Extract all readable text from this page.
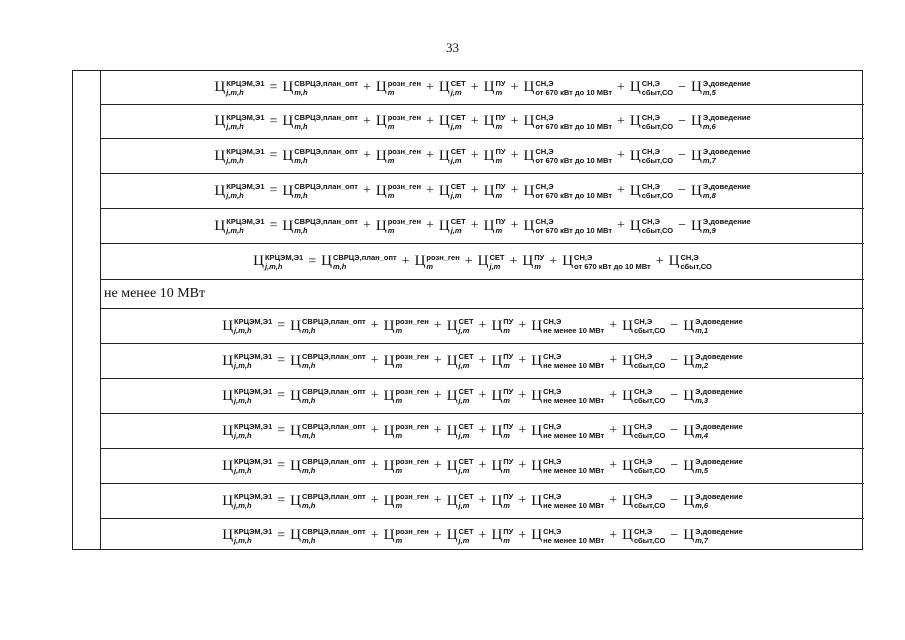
33
Ц КРЦЭМ,Э1
j,m,h	= Ц СВРЦЭ,план_опт
m,h	+ Ц розн_ген
m	+ Ц СЕТ
j,m + Ц ПУ
m + Ц СН,Э
от 670 кВт до 10 МВт + Ц СН,Э
сбыт,СО − Ц Э,доведение
m,5
Ц КРЦЭМ,Э1
j,m,h	= Ц СВРЦЭ,план_опт
m,h	+ Ц розн_ген
m	+ Ц СЕТ
j,m + Ц ПУ
m + Ц СН,Э
от 670 кВт до 10 МВт + Ц СН,Э
сбыт,СО − Ц Э,доведение
m,6
Ц КРЦЭМ,Э1
j,m,h	= Ц СВРЦЭ,план_опт
m,h	+ Ц розн_ген
m	+ Ц СЕТ
j,m + Ц ПУ
m + Ц СН,Э
от 670 кВт до 10 МВт + Ц СН,Э
сбыт,СО − Ц Э,доведение
m,7
Ц КРЦЭМ,Э1
j,m,h	= Ц СВРЦЭ,план_опт
m,h	+ Ц розн_ген
m	+ Ц СЕТ
j,m + Ц ПУ
m + Ц СН,Э
от 670 кВт до 10 МВт + Ц СН,Э
сбыт,СО − Ц Э,доведение
m,8
Ц КРЦЭМ,Э1
j,m,h	= Ц СВРЦЭ,план_опт
m,h	+ Ц розн_ген
m	+ Ц СЕТ
j,m + Ц ПУ
m + Ц СН,Э
от 670 кВт до 10 МВт + Ц СН,Э
сбыт,СО − Ц Э,доведение
m,9
Ц КРЦЭМ,Э1
j,m,h	= Ц СВРЦЭ,план_опт
m,h	+ Ц розн_ген
m	+ Ц СЕТ
j,m + Ц ПУ
m + Ц СН,Э
от 670 кВт до 10 МВт + Ц СН,Э
сбыт,СО
не менее 10 МВт
Ц КРЦЭМ,Э1
j,m,h	= Ц СВРЦЭ,план_опт
m,h	+ Ц розн_ген
m	+ Ц СЕТ
j,m + Ц ПУ
m + Ц СН,Э
не менее 10 МВт + Ц СН,Э
сбыт,СО − Ц Э,доведение
m,1
Ц КРЦЭМ,Э1
j,m,h	= Ц СВРЦЭ,план_опт
m,h	+ Ц розн_ген
m	+ Ц СЕТ
j,m + Ц ПУ
m + Ц СН,Э
не менее 10 МВт + Ц СН,Э
сбыт,СО − Ц Э,доведение
m,2
Ц КРЦЭМ,Э1
j,m,h	= Ц СВРЦЭ,план_опт
m,h	+ Ц розн_ген
m	+ Ц СЕТ
j,m + Ц ПУ
m + Ц СН,Э
не менее 10 МВт + Ц СН,Э
сбыт,СО − Ц Э,доведение
m,3
Ц КРЦЭМ,Э1
j,m,h	= Ц СВРЦЭ,план_опт
m,h	+ Ц розн_ген
m	+ Ц СЕТ
j,m + Ц ПУ
m + Ц СН,Э
не менее 10 МВт + Ц СН,Э
сбыт,СО − Ц Э,доведение
m,4
Ц КРЦЭМ,Э1
j,m,h	= Ц СВРЦЭ,план_опт
m,h	+ Ц розн_ген
m	+ Ц СЕТ
j,m + Ц ПУ
m + Ц СН,Э
не менее 10 МВт + Ц СН,Э
сбыт,СО − Ц Э,доведение
m,5
Ц КРЦЭМ,Э1
j,m,h	= Ц СВРЦЭ,план_опт
m,h	+ Ц розн_ген
m	+ Ц СЕТ
j,m + Ц ПУ
m + Ц СН,Э
не менее 10 МВт + Ц СН,Э
сбыт,СО − Ц Э,доведение
m,6
Ц КРЦЭМ,Э1
j,m,h	= Ц СВРЦЭ,план_опт
m,h	+ Ц розн_ген
m	+ Ц СЕТ
j,m + Ц ПУ
m + Ц СН,Э
не менее 10 МВт + Ц СН,Э
сбыт,СО − Ц Э,доведение
m,7
